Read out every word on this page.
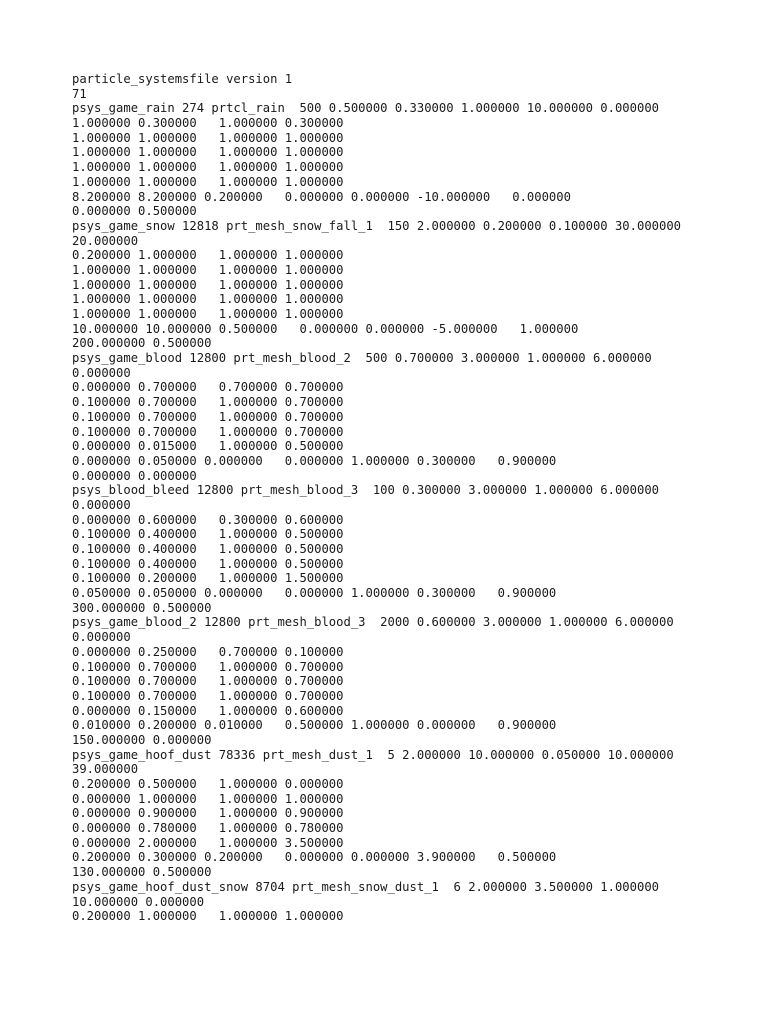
particle_systemsfile version 1
71
psys_game_rain 274 prtcl_rain  500 0.500000 0.330000 1.000000 10.000000 0.000000
1.000000 0.300000   1.000000 0.300000
1.000000 1.000000   1.000000 1.000000
1.000000 1.000000   1.000000 1.000000
1.000000 1.000000   1.000000 1.000000
1.000000 1.000000   1.000000 1.000000
8.200000 8.200000 0.200000   0.000000 0.000000 -10.000000   0.000000
0.000000 0.500000
psys_game_snow 12818 prt_mesh_snow_fall_1  150 2.000000 0.200000 0.100000 30.000000
20.000000
0.200000 1.000000   1.000000 1.000000
1.000000 1.000000   1.000000 1.000000
1.000000 1.000000   1.000000 1.000000
1.000000 1.000000   1.000000 1.000000
1.000000 1.000000   1.000000 1.000000
10.000000 10.000000 0.500000   0.000000 0.000000 -5.000000   1.000000
200.000000 0.500000
psys_game_blood 12800 prt_mesh_blood_2  500 0.700000 3.000000 1.000000 6.000000
0.000000
0.000000 0.700000   0.700000 0.700000
0.100000 0.700000   1.000000 0.700000
0.100000 0.700000   1.000000 0.700000
0.100000 0.700000   1.000000 0.700000
0.000000 0.015000   1.000000 0.500000
0.000000 0.050000 0.000000   0.000000 1.000000 0.300000   0.900000
0.000000 0.000000
psys_blood_bleed 12800 prt_mesh_blood_3  100 0.300000 3.000000 1.000000 6.000000
0.000000
0.000000 0.600000   0.300000 0.600000
0.100000 0.400000   1.000000 0.500000
0.100000 0.400000   1.000000 0.500000
0.100000 0.400000   1.000000 0.500000
0.100000 0.200000   1.000000 1.500000
0.050000 0.050000 0.000000   0.000000 1.000000 0.300000   0.900000
300.000000 0.500000
psys_game_blood_2 12800 prt_mesh_blood_3  2000 0.600000 3.000000 1.000000 6.000000
0.000000
0.000000 0.250000   0.700000 0.100000
0.100000 0.700000   1.000000 0.700000
0.100000 0.700000   1.000000 0.700000
0.100000 0.700000   1.000000 0.700000
0.000000 0.150000   1.000000 0.600000
0.010000 0.200000 0.010000   0.500000 1.000000 0.000000   0.900000
150.000000 0.000000
psys_game_hoof_dust 78336 prt_mesh_dust_1  5 2.000000 10.000000 0.050000 10.000000
39.000000
0.200000 0.500000   1.000000 0.000000
0.000000 1.000000   1.000000 1.000000
0.000000 0.900000   1.000000 0.900000
0.000000 0.780000   1.000000 0.780000
0.000000 2.000000   1.000000 3.500000
0.200000 0.300000 0.200000   0.000000 0.000000 3.900000   0.500000
130.000000 0.500000
psys_game_hoof_dust_snow 8704 prt_mesh_snow_dust_1  6 2.000000 3.500000 1.000000
10.000000 0.000000
0.200000 1.000000   1.000000 1.000000
